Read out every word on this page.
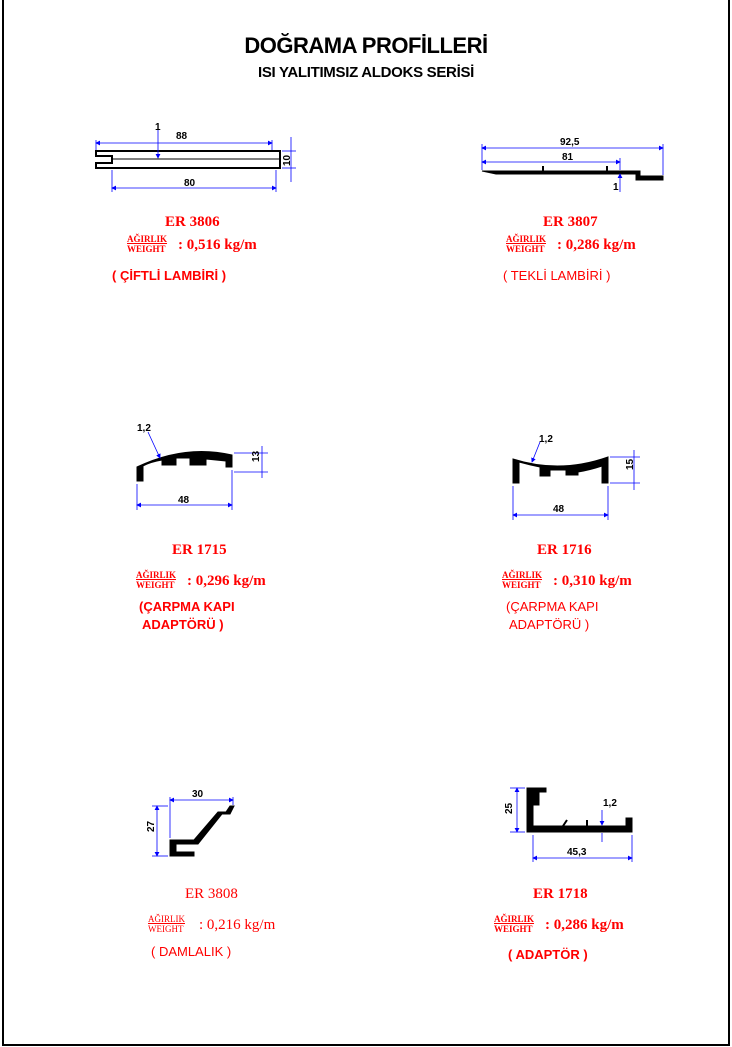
DOĞRAMA PROFİLLERİ
ISI YALITIMSIZ ALDOKS SERİSİ
1
88
80
10
92,5
81
1
1,2
13
48
1,2
15
48
30
27
25	1,2
45,3
ER 3806
AĞIRLIK
WEIGHT : 0,516 kg/m
( ÇİFTLİ LAMBİRİ )
ER 3807
AĞIRLIK
WEIGHT : 0,286 kg/m
( TEKLİ LAMBİRİ )
ER 1715
AĞIRLIK
WEIGHT : 0,296 kg/m
(ÇARPMA KAPI
ADAPTÖRÜ )
ER 1716
AĞIRLIK
WEIGHT : 0,310 kg/m
(ÇARPMA KAPI
ADAPTÖRÜ )
ER 3808
AĞIRLIK
WEIGHT : 0,216 kg/m
( DAMLALIK )
ER 1718
AĞIRLIK
WEIGHT : 0,286 kg/m
( ADAPTÖR )
